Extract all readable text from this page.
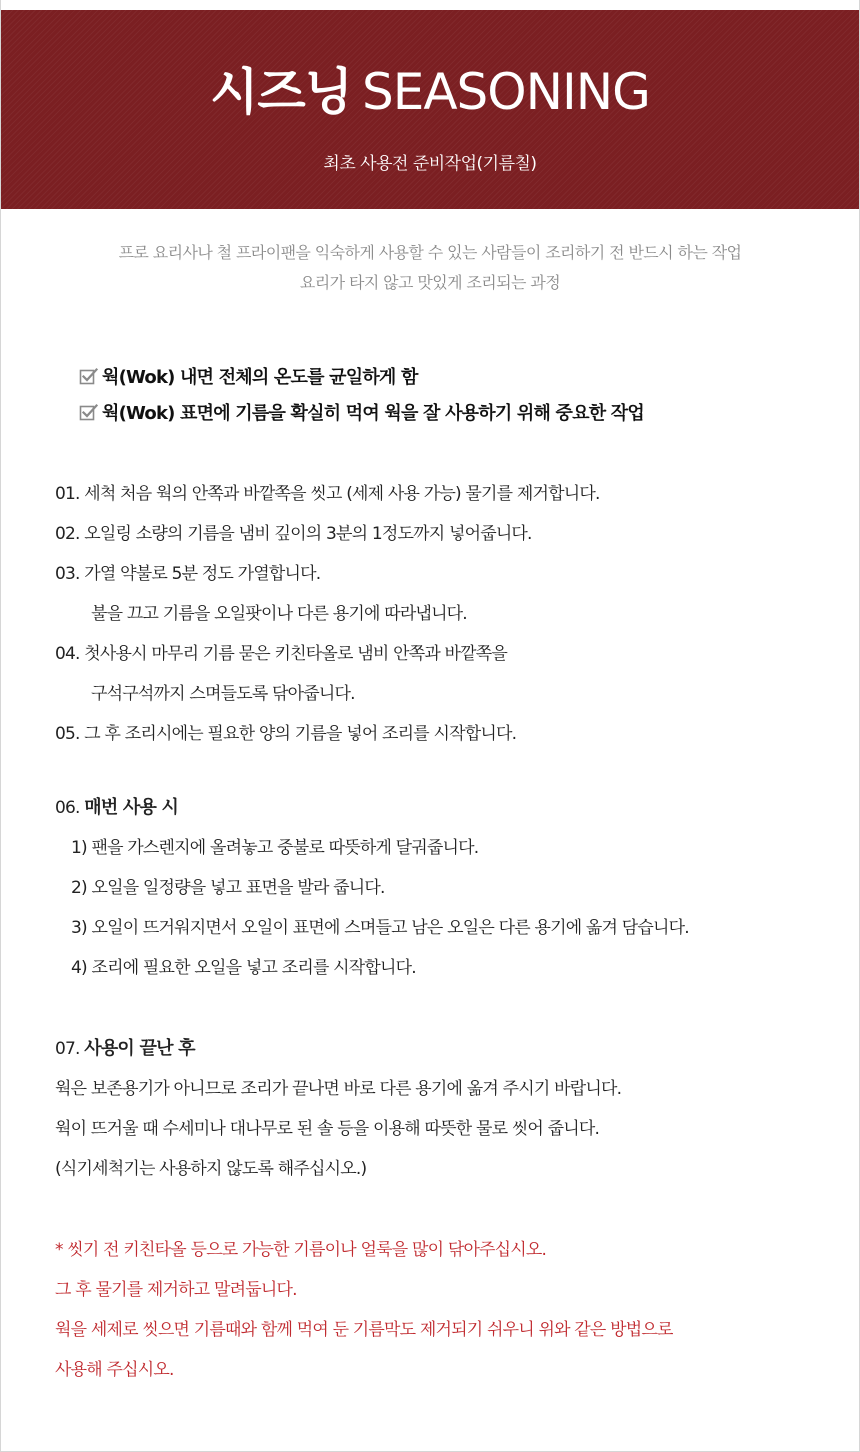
시즈닝 SEASONING
최초 사용전 준비작업(기름칠)
프로 요리사나 철 프라이팬을 익숙하게 사용할 수 있는 사람들이 조리하기 전 반드시 하는 작업
요리가 타지 않고 맛있게 조리되는 과정
웍(Wok) 내면 전체의 온도를 균일하게 함
웍(Wok) 표면에 기름을 확실히 먹여 웍을 잘 사용하기 위해 중요한 작업
01. 세척 처음 웍의 안쪽과 바깥쪽을 씻고 (세제 사용 가능) 물기를 제거합니다.
02. 오일링 소량의 기름을 냄비 깊이의 3분의 1정도까지 넣어줍니다.
03. 가열 약불로 5분 정도 가열합니다.
불을 끄고 기름을 오일팟이나 다른 용기에 따라냅니다.
04. 첫사용시 마무리 기름 묻은 키친타올로 냄비 안쪽과 바깥쪽을
구석구석까지 스며들도록 닦아줍니다.
05. 그 후 조리시에는 필요한 양의 기름을 넣어 조리를 시작합니다.
06. 매번 사용 시
1) 팬을 가스렌지에 올려놓고 중불로 따뜻하게 달궈줍니다.
2) 오일을 일정량을 넣고 표면을 발라 줍니다.
3) 오일이 뜨거워지면서 오일이 표면에 스며들고 남은 오일은 다른 용기에 옮겨 담습니다.
4) 조리에 필요한 오일을 넣고 조리를 시작합니다.
07. 사용이 끝난 후
웍은 보존용기가 아니므로 조리가 끝나면 바로 다른 용기에 옮겨 주시기 바랍니다.
웍이 뜨거울 때 수세미나 대나무로 된 솔 등을 이용해 따뜻한 물로 씻어 줍니다.
(식기세척기는 사용하지 않도록 해주십시오.)
* 씻기 전 키친타올 등으로 가능한 기름이나 얼룩을 많이 닦아주십시오.
그 후 물기를 제거하고 말려둡니다.
웍을 세제로 씻으면 기름때와 함께 먹여 둔 기름막도 제거되기 쉬우니 위와 같은 방법으로
사용해 주십시오.
